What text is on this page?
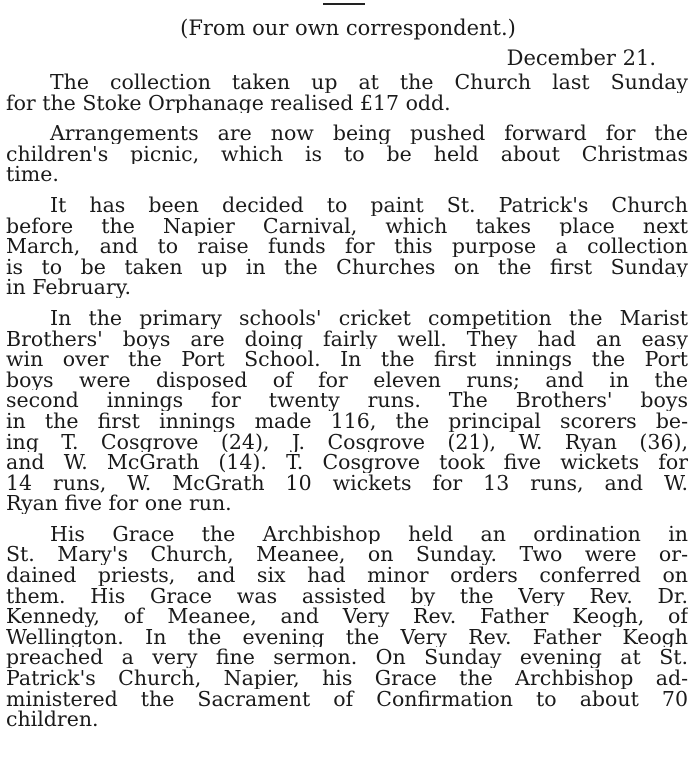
(From our own correspondent.)
December 21.

The collection taken up at the Church last Sunday
for the Stoke Orphanage realised £17 odd.

Arrangements are now being pushed forward for the
children's picnic, which is to be held about Christmas
time.

It has been decided to paint St. Patrick's Church
before the Napier Carnival, which takes place next
March, and to raise funds for this purpose a collection
is to be taken up in the Churches on the first Sunday
in February.

In the primary schools' cricket competition the Marist
Brothers' boys are doing fairly well. They had an easy
win over the Port School. In the first innings the Port
boys were disposed of for eleven runs; and in the
second innings for twenty runs. The Brothers' boys
in the first innings made 116, the principal scorers be-
ing T. Cosgrove (24), J. Cosgrove (21), W. Ryan (36),
and W. McGrath (14). T. Cosgrove took five wickets for
14 runs, W. McGrath 10 wickets for 13 runs, and W.
Ryan five for one run.

His Grace the Archbishop held an ordination in
St. Mary's Church, Meanee, on Sunday. Two were or-
dained priests, and six had minor orders conferred on
them. His Grace was assisted by the Very Rev. Dr.
Kennedy, of Meanee, and Very Rev. Father Keogh, of
Wellington. In the evening the Very Rev. Father Keogh
preached a very fine sermon. On Sunday evening at St.
Patrick's Church, Napier, his Grace the Archbishop ad-
ministered the Sacrament of Confirmation to about 70
children.
